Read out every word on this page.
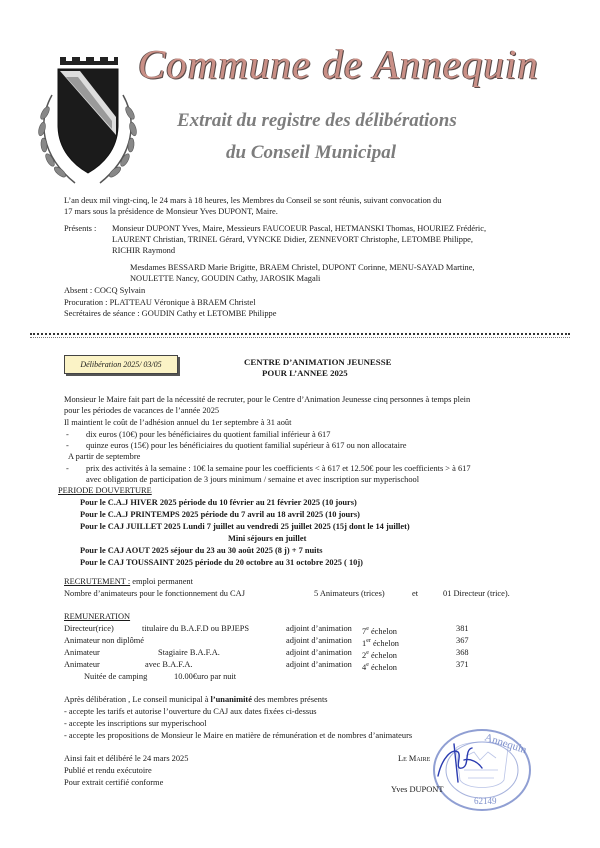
Commune de Annequin
Extrait du registre des délibérations
du Conseil Municipal
L’an deux mil vingt-cinq, le 24 mars à 18 heures, les Membres du Conseil se sont réunis, suivant convocation du
17 mars sous la présidence de Monsieur Yves DUPONT, Maire.
Présents : Monsieur DUPONT Yves, Maire, Messieurs FAUCOEUR Pascal, HETMANSKI Thomas, HOURIEZ Frédéric,
LAURENT Christian, TRINEL Gérard, VYNCKE Didier, ZENNEVORT Christophe, LETOMBE Philippe,
RICHIR Raymond
Mesdames BESSARD Marie Brigitte, BRAEM Christel, DUPONT Corinne, MENU-SAYAD Martine,
NOULETTE Nancy, GOUDIN Cathy, JAROSIK Magali
Absent : COCQ Sylvain
Procuration : PLATTEAU Véronique à BRAEM Christel
Secrétaires de séance : GOUDIN Cathy et LETOMBE Philippe
Délibération 2025/ 03/05	CENTRE D’ANIMATION JEUNESSE
POUR L’ANNEE 2025
Monsieur le Maire fait part de la nécessité de recruter, pour le Centre d’Animation Jeunesse cinq personnes à temps plein
pour les périodes de vacances de l’année 2025
Il maintient le coût de l’adhésion annuel du 1er septembre à 31 août
- dix euros (10€) pour les bénéficiaires du quotient familial inférieur à 617
- quinze euros (15€) pour les bénéficiaires du quotient familial supérieur à 617 ou non allocataire
A partir de septembre
- prix des activités à la semaine : 10€ la semaine pour les coefficients < à 617 et 12.50€ pour les coefficients > à 617
avec obligation de participation de 3 jours minimum / semaine et avec inscription sur myperischool
PERIODE DOUVERTURE
Pour le C.A.J HIVER 2025 période du 10 février au 21 février 2025 (10 jours)
Pour le C.A.J PRINTEMPS 2025 période du 7 avril au 18 avril 2025 (10 jours)
Pour le CAJ JUILLET 2025 Lundi 7 juillet au vendredi 25 juillet 2025 (15j dont le 14 juillet)
Mini séjours en juillet
Pour le CAJ AOUT 2025 séjour du 23 au 30 août 2025 (8 j) + 7 nuits
Pour le CAJ TOUSSAINT 2025 période du 20 octobre au 31 octobre 2025 ( 10j)
RECRUTEMENT : emploi permanent
Nombre d’animateurs pour le fonctionnement du CAJ	5 Animateurs (trices)	et	01 Directeur (trice).
REMUNERATION
Directeur(rice)	titulaire du B.A.F.D ou BPJEPS	adjoint d’animation 7e échelon	381
Animateur non diplômé	adjoint d’animation 1er échelon	367
Animateur	Stagiaire B.A.F.A.	adjoint d’animation 2e échelon	368
Animateur	avec B.A.F.A.	adjoint d’animation 4e échelon	371
Nuitée de camping	10.00€uro par nuit
Après délibération , Le conseil municipal à l’unanimité des membres présents
- accepte les tarifs et autorise l’ouverture du CAJ aux dates fixées ci-dessus
- accepte les inscriptions sur myperischool
- accepte les propositions de Monsieur le Maire en matière de rémunération et de nombres d’animateurs
Ainsi fait et délibéré le 24 mars 2025
Publié et rendu exécutoire
Pour extrait certifié conforme
Annequin
62149
Le Maire
Yves DUPONT
